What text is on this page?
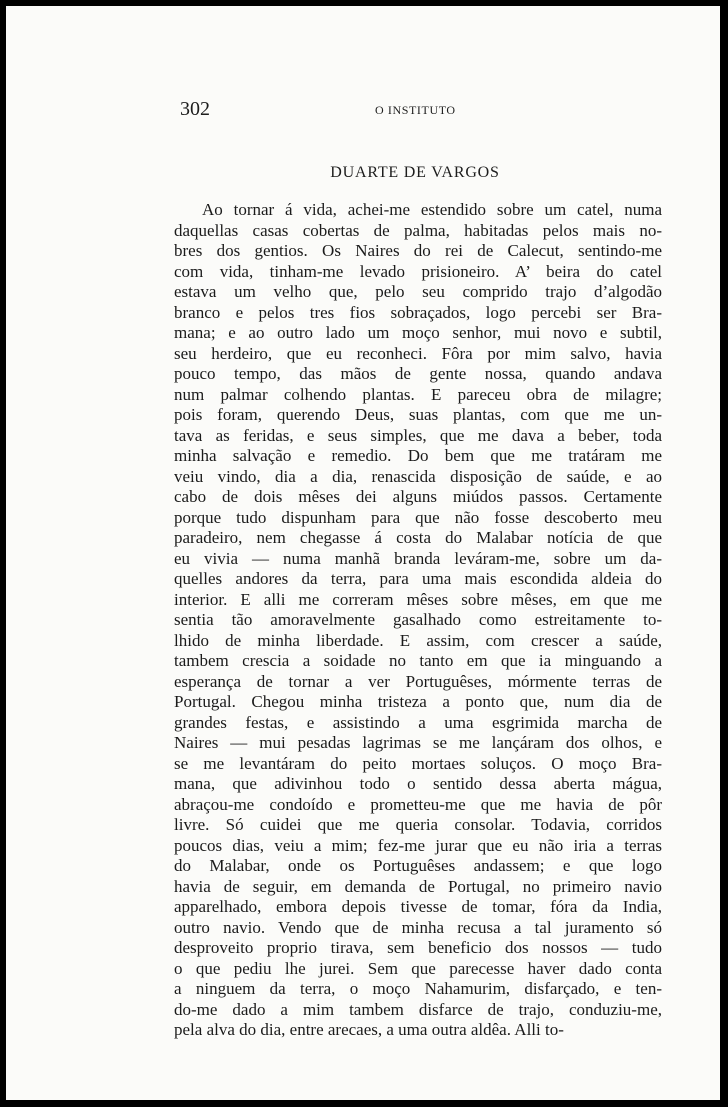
302	O INSTITUTO
DUARTE DE VARGOS
Ao tornar á vida, achei-me estendido sobre um catel, numa
daquellas casas cobertas de palma, habitadas pelos mais no-
bres dos gentios. Os Naires do rei de Calecut, sentindo-me
com vida, tinham-me levado prisioneiro. A’ beira do catel
estava um velho que, pelo seu comprido trajo d’algodão
branco e pelos tres fios sobraçados, logo percebi ser Bra-
mana; e ao outro lado um moço senhor, mui novo e subtil,
seu herdeiro, que eu reconheci. Fôra por mim salvo, havia
pouco tempo, das mãos de gente nossa, quando andava
num palmar colhendo plantas. E pareceu obra de milagre;
pois foram, querendo Deus, suas plantas, com que me un-
tava as feridas, e seus simples, que me dava a beber, toda
minha salvação e remedio. Do bem que me tratáram me
veiu vindo, dia a dia, renascida disposição de saúde, e ao
cabo de dois mêses dei alguns miúdos passos. Certamente
porque tudo dispunham para que não fosse descoberto meu
paradeiro, nem chegasse á costa do Malabar notícia de que
eu vivia — numa manhã branda leváram-me, sobre um da-
quelles andores da terra, para uma mais escondida aldeia do
interior. E alli me correram mêses sobre mêses, em que me
sentia tão amoravelmente gasalhado como estreitamente to-
lhido de minha liberdade. E assim, com crescer a saúde,
tambem crescia a soidade no tanto em que ia minguando a
esperança de tornar a ver Portuguêses, mórmente terras de
Portugal. Chegou minha tristeza a ponto que, num dia de
grandes festas, e assistindo a uma esgrimida marcha de
Naires — mui pesadas lagrimas se me lançáram dos olhos, e
se me levantáram do peito mortaes soluços. O moço Bra-
mana, que adivinhou todo o sentido dessa aberta mágua,
abraçou-me condoído e prometteu-me que me havia de pôr
livre. Só cuidei que me queria consolar. Todavia, corridos
poucos dias, veiu a mim; fez-me jurar que eu não iria a terras
do Malabar, onde os Portuguêses andassem; e que logo
havia de seguir, em demanda de Portugal, no primeiro navio
apparelhado, embora depois tivesse de tomar, fóra da India,
outro navio. Vendo que de minha recusa a tal juramento só
desproveito proprio tirava, sem beneficio dos nossos — tudo
o que pediu lhe jurei. Sem que parecesse haver dado conta
a ninguem da terra, o moço Nahamurim, disfarçado, e ten-
do-me dado a mim tambem disfarce de trajo, conduziu-me,
pela alva do dia, entre arecaes, a uma outra aldêa. Alli to-
